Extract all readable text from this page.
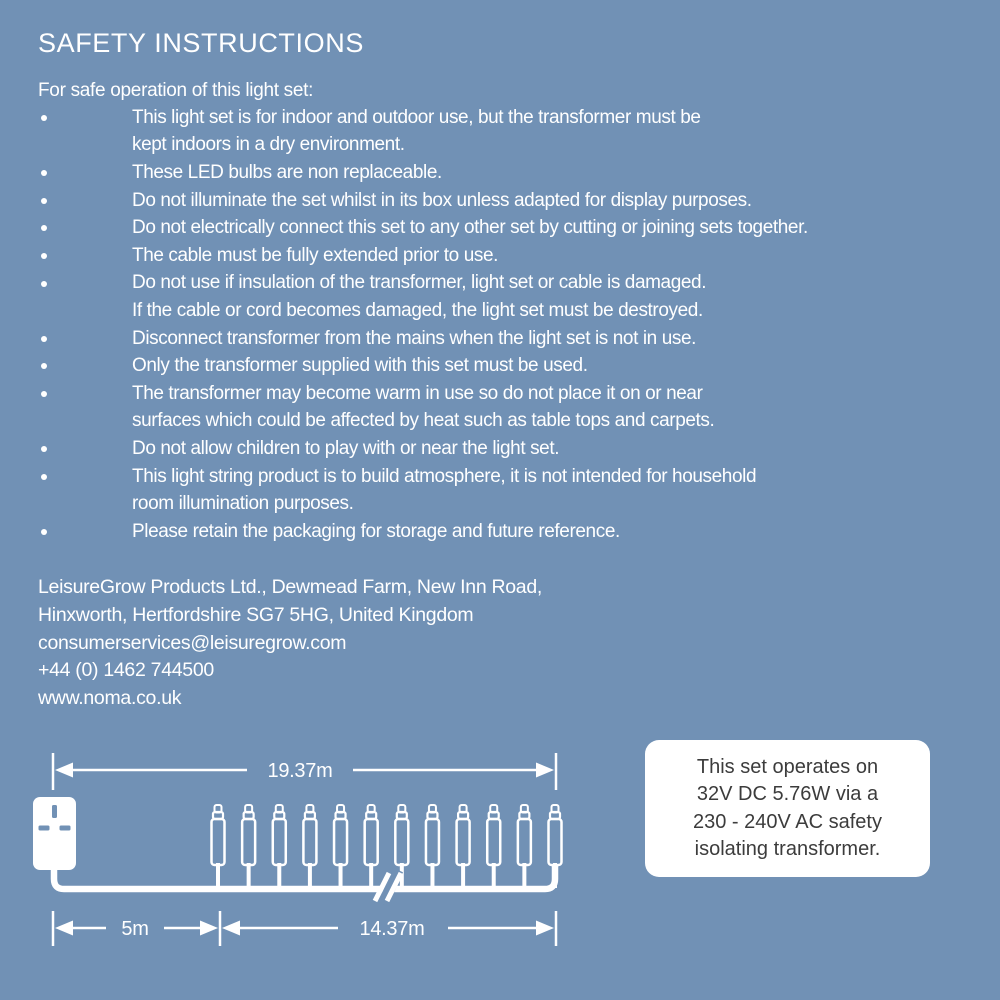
SAFETY INSTRUCTIONS
For safe operation of this light set:
This light set is for indoor and outdoor use, but the transformer must be
kept indoors in a dry environment.
These LED bulbs are non replaceable.
Do not illuminate the set whilst in its box unless adapted for display purposes.
Do not electrically connect this set to any other set by cutting or joining sets together.
The cable must be fully extended prior to use.
Do not use if insulation of the transformer, light set or cable is damaged.
If the cable or cord becomes damaged, the light set must be destroyed.
Disconnect transformer from the mains when the light set is not in use.
Only the transformer supplied with this set must be used.
The transformer may become warm in use so do not place it on or near
surfaces which could be affected by heat such as table tops and carpets.
Do not allow children to play with or near the light set.
This light string product is to build atmosphere, it is not intended for household
room illumination purposes.
Please retain the packaging for storage and future reference.
LeisureGrow Products Ltd., Dewmead Farm, New Inn Road,
Hinxworth, Hertfordshire SG7 5HG, United Kingdom
consumerservices@leisuregrow.com
+44 (0) 1462 744500
www.noma.co.uk
19.37m
5m	14.37m
This set operates on
32V DC 5.76W via a
230 - 240V AC safety
isolating transformer.
